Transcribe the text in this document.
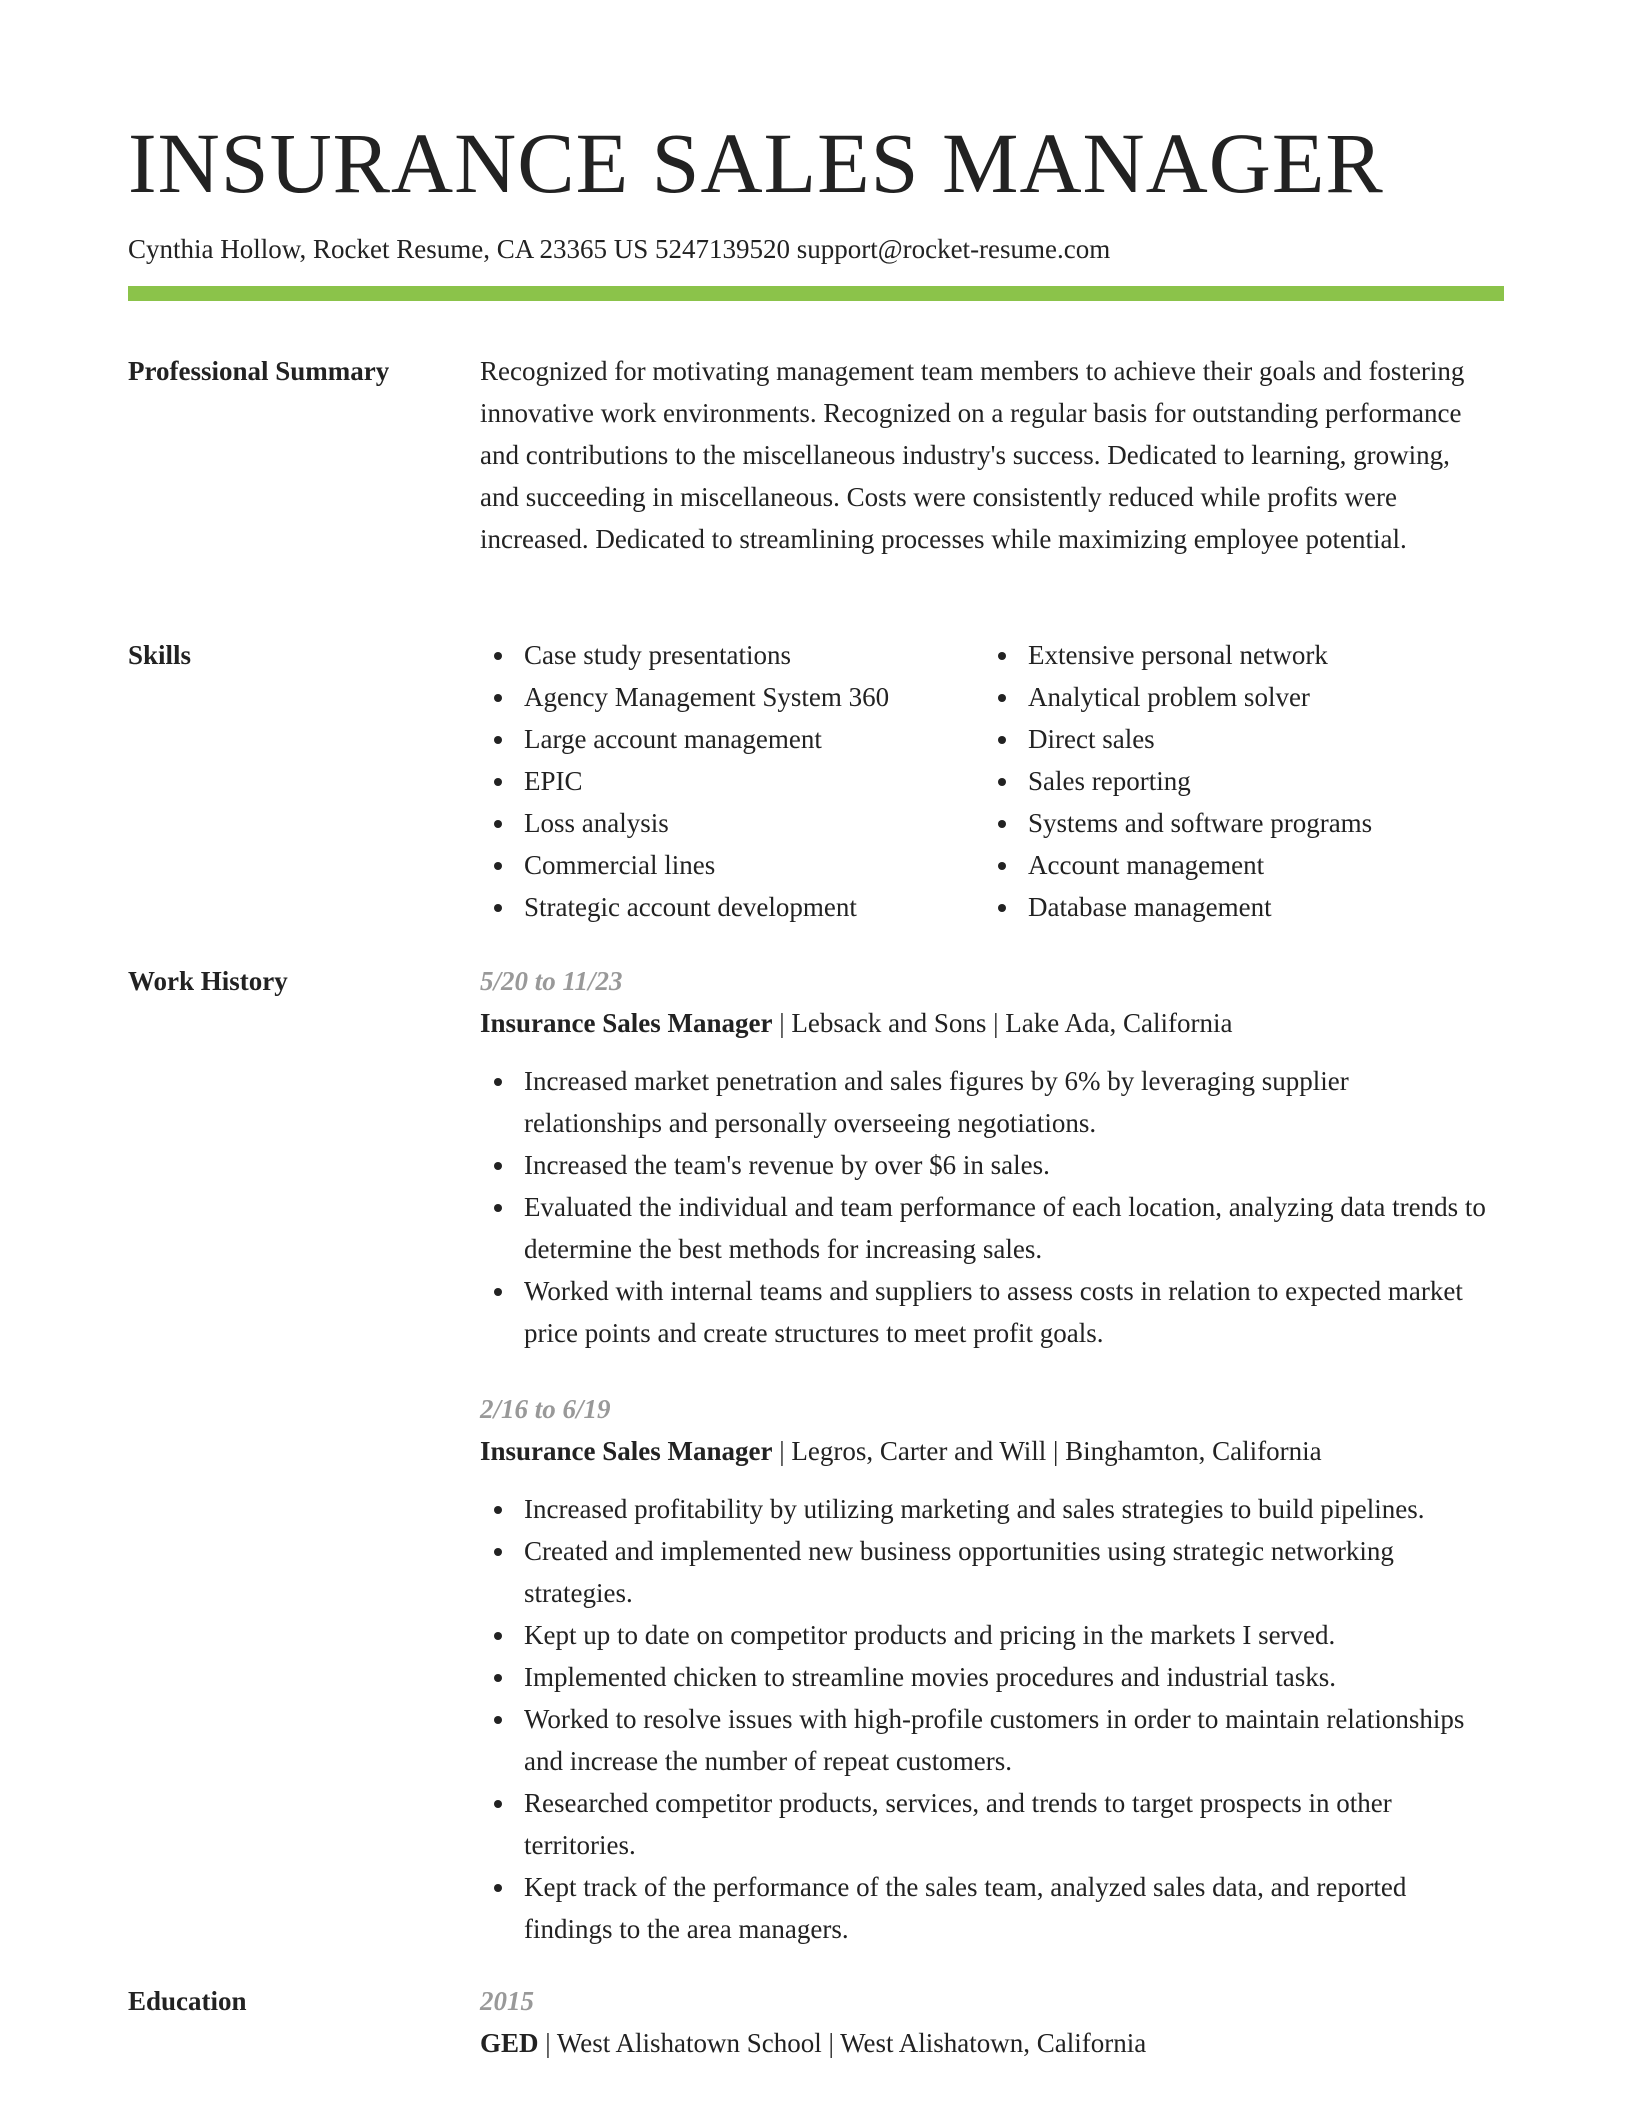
INSURANCE SALES MANAGER
Cynthia Hollow, Rocket Resume, CA 23365 US 5247139520 support@rocket-resume.com
Professional Summary	Recognized for motivating management team members to achieve their goals and fostering innovative work environments. Recognized on a regular basis for outstanding performance and contributions to the miscellaneous industry's success. Dedicated to learning, growing, and succeeding in miscellaneous. Costs were consistently reduced while profits were increased. Dedicated to streamlining processes while maximizing employee potential.

Skills	Case study presentations
Agency Management System 360
Large account management
EPIC
Loss analysis
Commercial lines
Strategic account development
Extensive personal network
Analytical problem solver
Direct sales
Sales reporting
Systems and software programs
Account management
Database management
Work History	5/20 to 11/23
Insurance Sales Manager | Lebsack and Sons | Lake Ada, California
Increased market penetration and sales figures by 6% by leveraging supplier relationships and personally overseeing negotiations.
Increased the team's revenue by over $6 in sales.
Evaluated the individual and team performance of each location, analyzing data trends to determine the best methods for increasing sales.
Worked with internal teams and suppliers to assess costs in relation to expected market price points and create structures to meet profit goals.
2/16 to 6/19
Insurance Sales Manager | Legros, Carter and Will | Binghamton, California
Increased profitability by utilizing marketing and sales strategies to build pipelines.
Created and implemented new business opportunities using strategic networking strategies.
Kept up to date on competitor products and pricing in the markets I served.
Implemented chicken to streamline movies procedures and industrial tasks.
Worked to resolve issues with high-profile customers in order to maintain relationships and increase the number of repeat customers.
Researched competitor products, services, and trends to target prospects in other territories.
Kept track of the performance of the sales team, analyzed sales data, and reported findings to the area managers.
Education	2015
GED | West Alishatown School | West Alishatown, California
